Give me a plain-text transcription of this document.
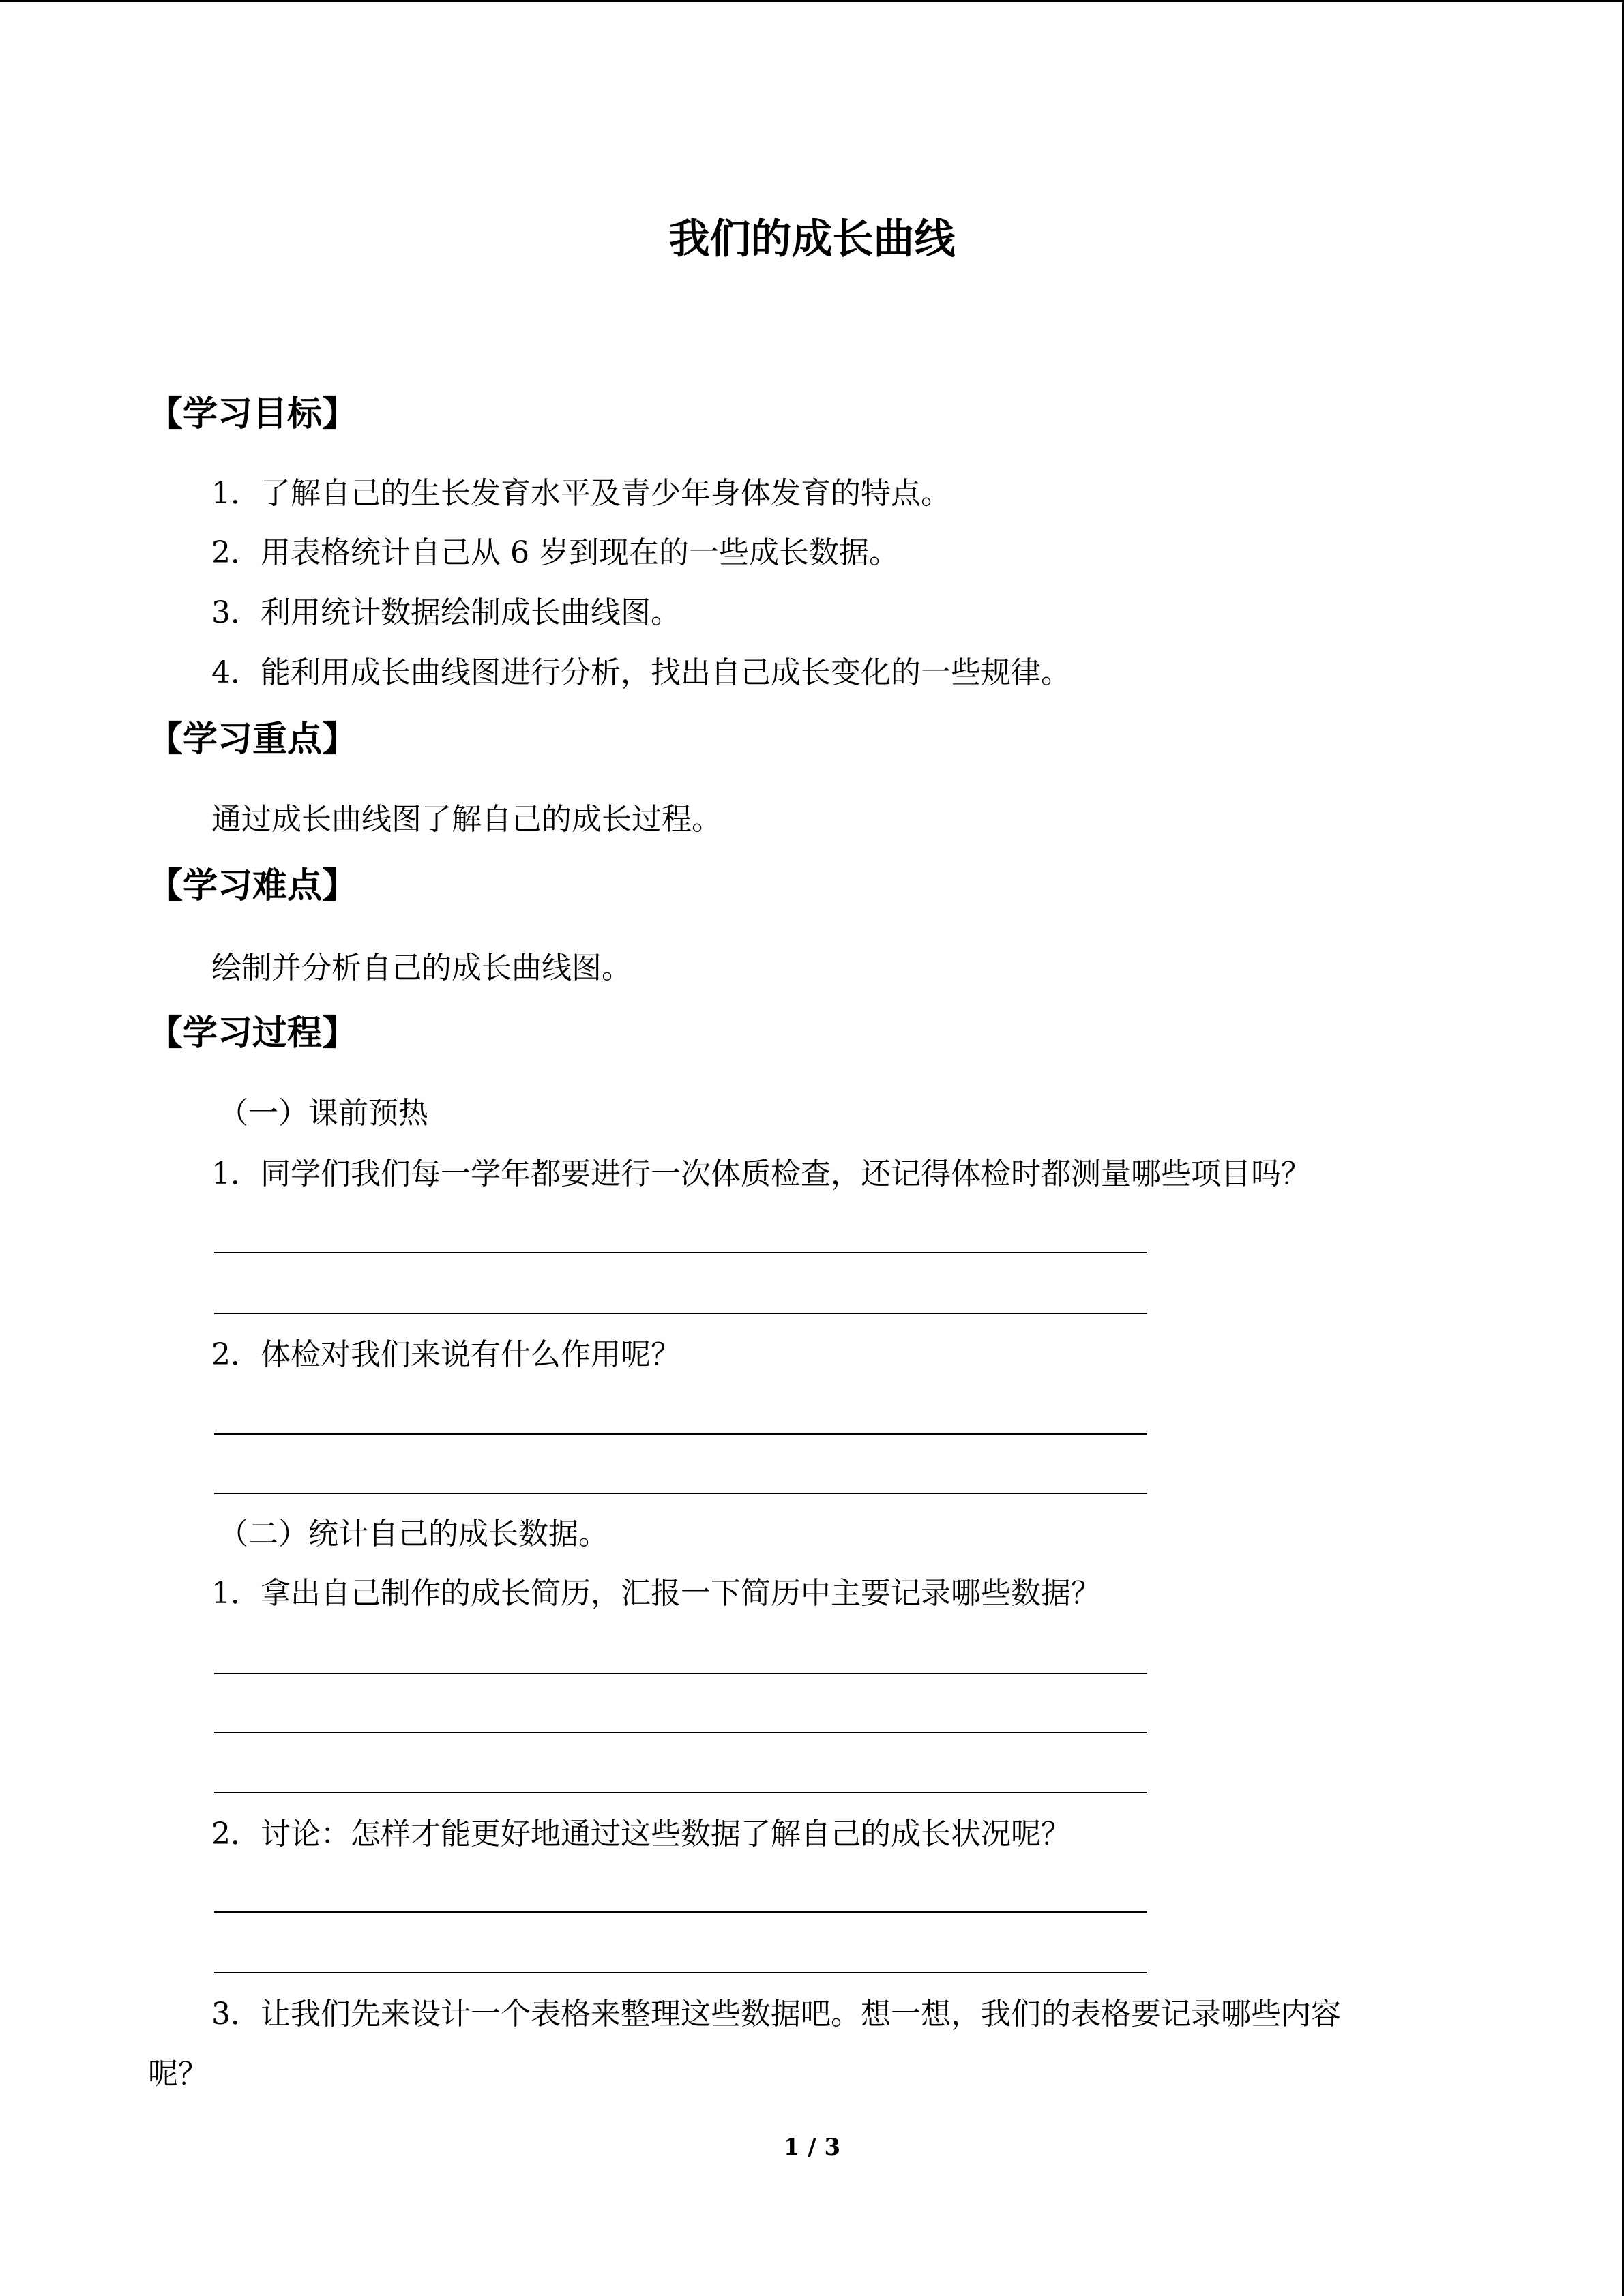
我们的成长曲线
【学习目标】
1．了解自己的生长发育水平及青少年身体发育的特点。
2．用表格统计自己从 6 岁到现在的一些成长数据。
3．利用统计数据绘制成长曲线图。
4．能利用成长曲线图进行分析，找出自己成长变化的一些规律。
【学习重点】
通过成长曲线图了解自己的成长过程。
【学习难点】
绘制并分析自己的成长曲线图。
【学习过程】
（一）课前预热
1．同学们我们每一学年都要进行一次体质检查，还记得体检时都测量哪些项目吗？
2．体检对我们来说有什么作用呢？
（二）统计自己的成长数据。
1．拿出自己制作的成长简历，汇报一下简历中主要记录哪些数据？
2．讨论：怎样才能更好地通过这些数据了解自己的成长状况呢？
3．让我们先来设计一个表格来整理这些数据吧。想一想，我们的表格要记录哪些内容
呢？
1 / 3
